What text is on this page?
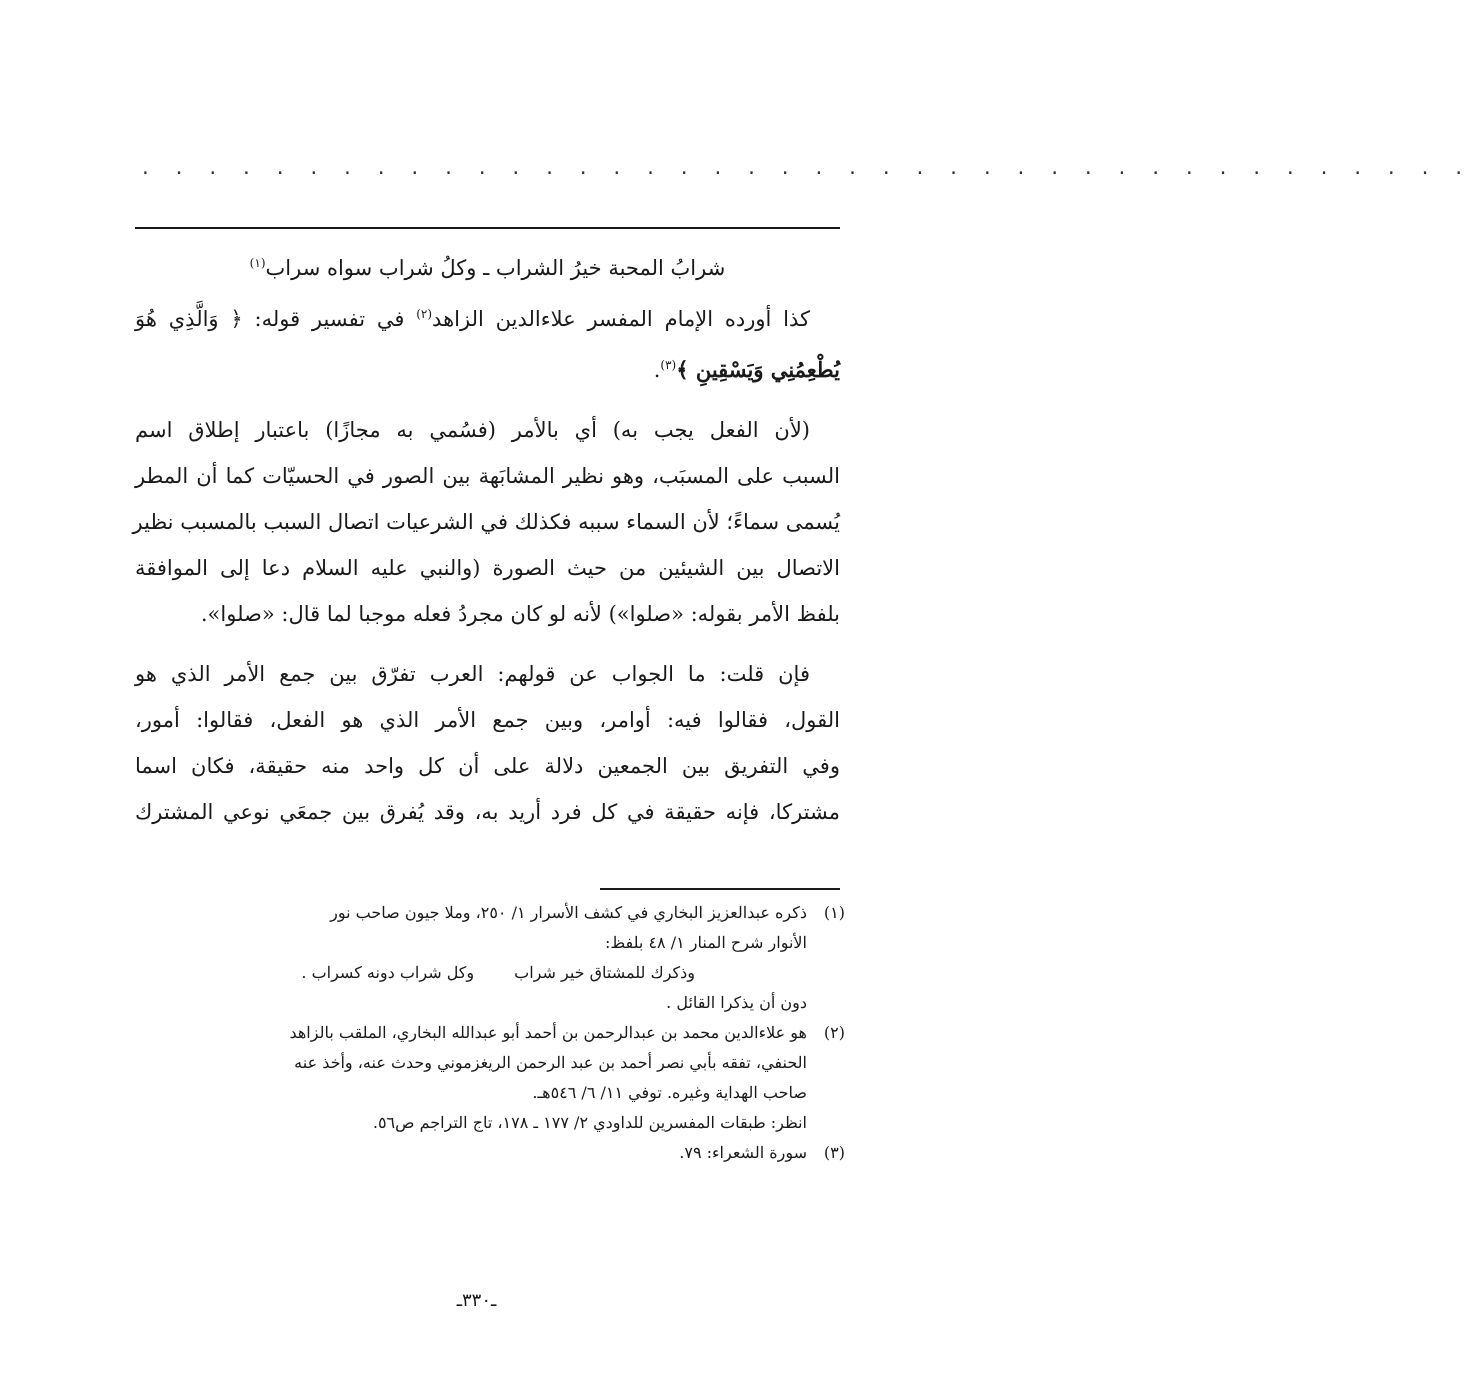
. . . . . . . . . . . . . . . . . . . . . . . . . . . . . . . . . . . . . . . .
شرابُ المحبة خيرُ الشراب ـ وكلُ شراب سواه سراب$^{(١)}$
كذا أورده الإمام المفسر علاءالدين الزاهد$^{(٢)}$ في تفسير قوله: ﴿ وَالَّذِي هُوَ
يُطْعِمُنِي وَيَسْقِينِ ﴾$^{(٣)}$.
(لأن الفعل يجب به) أي بالأمر (فسُمي به مجازًا) باعتبار إطلاق اسم
السبب على المسبَب، وهو نظير المشابَهة بين الصور في الحسيّات كما أن المطر
يُسمى سماءً؛ لأن السماء سببه فكذلك في الشرعيات اتصال السبب بالمسبب نظير
الاتصال بين الشيئين من حيث الصورة (والنبي عليه السلام دعا إلى الموافقة
بلفظ الأمر بقوله: «صلوا») لأنه لو كان مجردُ فعله موجبا لما قال: «صلوا».
فإن قلت: ما الجواب عن قولهم: العرب تفرّق بين جمع الأمر الذي هو
القول، فقالوا فيه: أوامر، وبين جمع الأمر الذي هو الفعل، فقالوا: أمور،
وفي التفريق بين الجمعين دلالة على أن كل واحد منه حقيقة، فكان اسما
مشتركا، فإنه حقيقة في كل فرد أريد به، وقد يُفرق بين جمعَي نوعي المشترك
(١)ذكره عبدالعزيز البخاري في كشف الأسرار ١/ ٢٥٠، وملا جيون صاحب نور
الأنوار شرح المنار ١/ ٤٨ بلفظ:
وذكرك للمشتاق خير شرابوكل شراب دونه كسراب .
دون أن يذكرا القائل .
(٢)هو علاءالدين محمد بن عبدالرحمن بن أحمد أبو عبدالله البخاري، الملقب بالزاهد
الحنفي، تفقه بأبي نصر أحمد بن عبد الرحمن الريغزموني وحدث عنه، وأخذ عنه
صاحب الهداية وغيره. توفي ١١/ ٦/ ٥٤٦هـ.
انظر: طبقات المفسرين للداودي ٢/ ١٧٧ ـ ١٧٨، تاج التراجم ص٥٦.
(٣)سورة الشعراء: ٧٩.
ـ٣٣٠ـ
